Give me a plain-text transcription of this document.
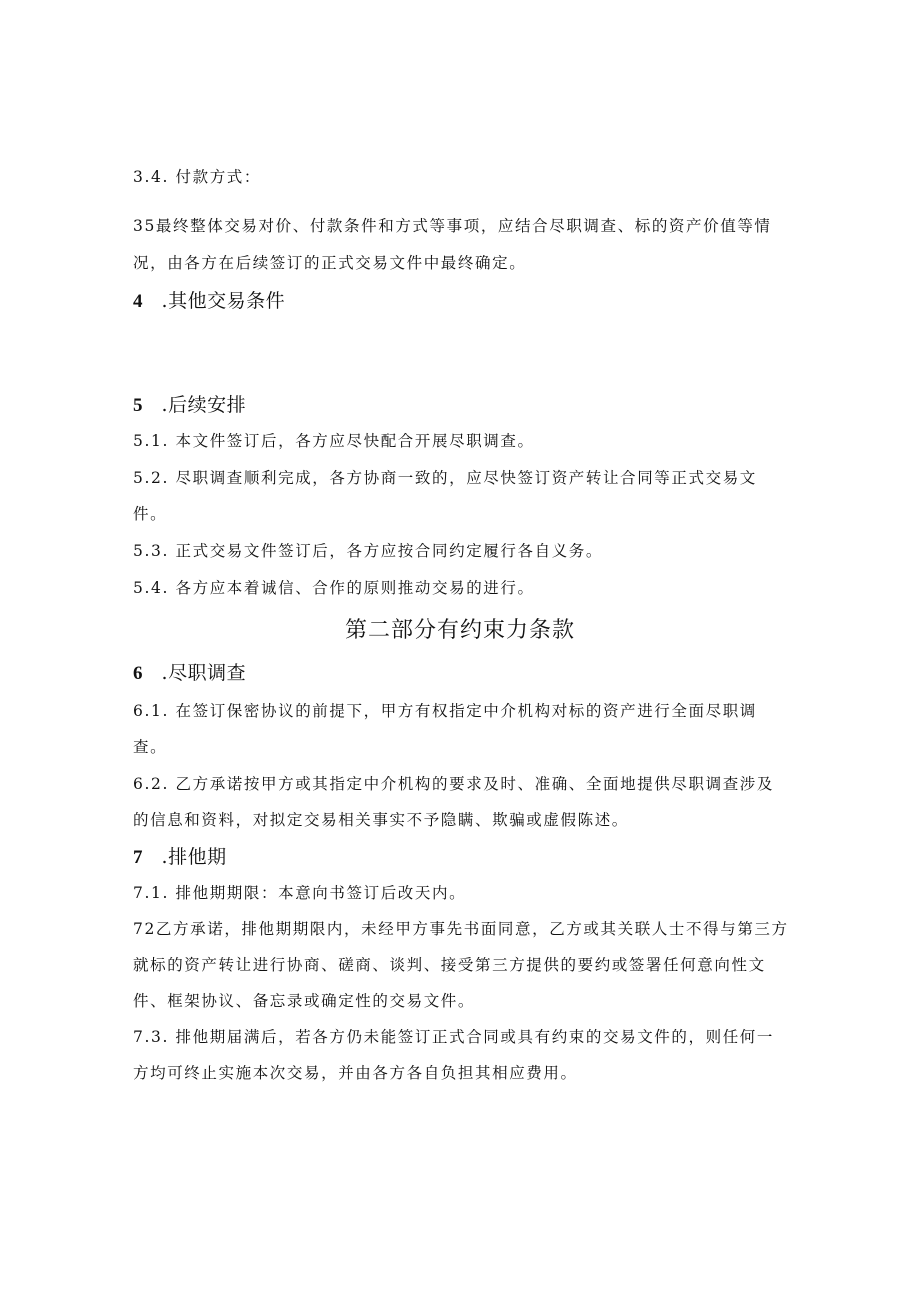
3.4. 付款方式：
35最终整体交易对价、付款条件和方式等事项，应结合尽职调查、标的资产价值等情
况，由各方在后续签订的正式交易文件中最终确定。
4 .其他交易条件
5 .后续安排
5.1. 本文件签订后，各方应尽快配合开展尽职调查。
5.2. 尽职调查顺利完成，各方协商一致的，应尽快签订资产转让合同等正式交易文
件。
5.3. 正式交易文件签订后，各方应按合同约定履行各自义务。
5.4. 各方应本着诚信、合作的原则推动交易的进行。
第二部分有约束力条款
6 .尽职调查
6.1. 在签订保密协议的前提下，甲方有权指定中介机构对标的资产进行全面尽职调
查。
6.2. 乙方承诺按甲方或其指定中介机构的要求及时、准确、全面地提供尽职调查涉及
的信息和资料，对拟定交易相关事实不予隐瞒、欺骗或虚假陈述。
7 .排他期
7.1. 排他期期限：本意向书签订后改天内。
72乙方承诺，排他期期限内，未经甲方事先书面同意，乙方或其关联人士不得与第三方
就标的资产转让进行协商、磋商、谈判、接受第三方提供的要约或签署任何意向性文
件、框架协议、备忘录或确定性的交易文件。
7.3. 排他期届满后，若各方仍未能签订正式合同或具有约束的交易文件的，则任何一
方均可终止实施本次交易，并由各方各自负担其相应费用。
